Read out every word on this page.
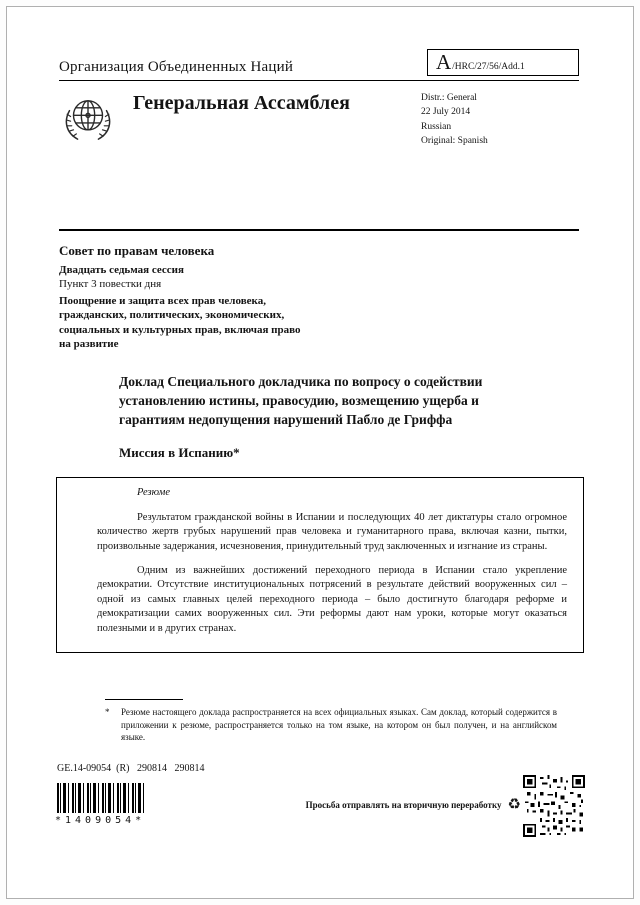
Организация Объединенных Наций	A /HRC/27/56/Add.1
Генеральная Ассамблея	Distr.: General
22 July 2014
Russian
Original: Spanish

Совет по правам человека

Двадцать седьмая сессия

Пункт 3 повестки дня

Поощрение и защита всех прав человека, гражданских, политических, экономических, социальных и культурных прав, включая право на развитие

Доклад Специального докладчика по вопросу о содействии установлению истины, правосудию, возмещению ущерба и гарантиям недопущения нарушений Пабло де Гриффа

Миссия в Испанию*

Резюме

Результатом гражданской войны в Испании и последующих 40 лет диктатуры стало огромное количество жертв грубых нарушений прав человека и гуманитарного права, включая казни, пытки, произвольные задержания, исчезновения, принудительный труд заключенных и изгнание из страны.

Одним из важнейших достижений переходного периода в Испании стало укрепление демократии. Отсутствие институциональных потрясений в результате действий вооруженных сил – одной из самых главных целей переходного периода – было достигнуто благодаря реформе и демократизации самих вооруженных сил. Эти реформы дают нам уроки, которые могут оказаться полезными и в других странах.

*	Резюме настоящего доклада распространяется на всех официальных языках. Сам доклад, который содержится в приложении к резюме, распространяется только на том языке, на котором он был получен, и на английском языке.
GE.14-09054  (R)   290814   290814
*1409054*
Просьба отправлять на вторичную переработку ♻
